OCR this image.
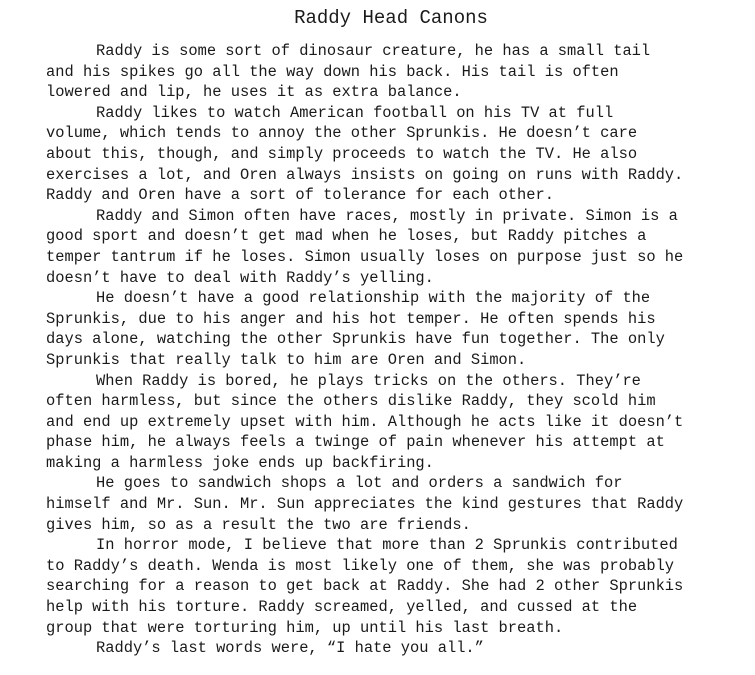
Raddy Head Canons

Raddy is some sort of dinosaur creature, he has a small tail
and his spikes go all the way down his back. His tail is often
lowered and lip, he uses it as extra balance.

Raddy likes to watch American football on his TV at full
volume, which tends to annoy the other Sprunkis. He doesn’t care
about this, though, and simply proceeds to watch the TV. He also
exercises a lot, and Oren always insists on going on runs with Raddy.
Raddy and Oren have a sort of tolerance for each other.

Raddy and Simon often have races, mostly in private. Simon is a
good sport and doesn’t get mad when he loses, but Raddy pitches a
temper tantrum if he loses. Simon usually loses on purpose just so he
doesn’t have to deal with Raddy’s yelling.

He doesn’t have a good relationship with the majority of the
Sprunkis, due to his anger and his hot temper. He often spends his
days alone, watching the other Sprunkis have fun together. The only
Sprunkis that really talk to him are Oren and Simon.

When Raddy is bored, he plays tricks on the others. They’re
often harmless, but since the others dislike Raddy, they scold him
and end up extremely upset with him. Although he acts like it doesn’t
phase him, he always feels a twinge of pain whenever his attempt at
making a harmless joke ends up backfiring.

He goes to sandwich shops a lot and orders a sandwich for
himself and Mr. Sun. Mr. Sun appreciates the kind gestures that Raddy
gives him, so as a result the two are friends.

In horror mode, I believe that more than 2 Sprunkis contributed
to Raddy’s death. Wenda is most likely one of them, she was probably
searching for a reason to get back at Raddy. She had 2 other Sprunkis
help with his torture. Raddy screamed, yelled, and cussed at the
group that were torturing him, up until his last breath.

Raddy’s last words were, “I hate you all.”
